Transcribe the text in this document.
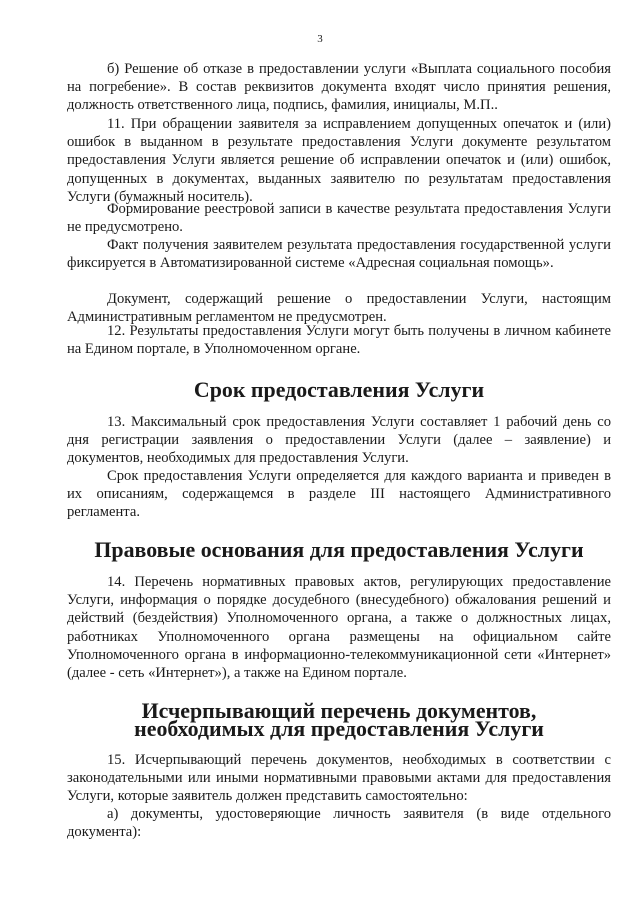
3

б) Решение об отказе в предоставлении услуги «Выплата социального пособия на погребение». В состав реквизитов документа входят число принятия решения, должность ответственного лица, подпись, фамилия, инициалы, М.П..

11. При обращении заявителя за исправлением допущенных опечаток и (или) ошибок в выданном в результате предоставления Услуги документе результатом предоставления Услуги является решение об исправлении опечаток и (или) ошибок, допущенных в документах, выданных заявителю по результатам предоставления Услуги (бумажный носитель).

Формирование реестровой записи в качестве результата предоставления Услуги не предусмотрено.

Факт получения заявителем результата предоставления государственной услуги фиксируется в Автоматизированной системе «Адресная социальная помощь».

Документ, содержащий решение о предоставлении Услуги, настоящим Административным регламентом не предусмотрен.

12. Результаты предоставления Услуги могут быть получены в личном кабинете на Едином портале, в Уполномоченном органе.

Срок предоставления Услуги

13. Максимальный срок предоставления Услуги составляет 1 рабочий день со дня регистрации заявления о предоставлении Услуги (далее – заявление) и документов, необходимых для предоставления Услуги.

Срок предоставления Услуги определяется для каждого варианта и приведен в их описаниям, содержащемся в разделе III настоящего Административного регламента.

Правовые основания для предоставления Услуги

14. Перечень нормативных правовых актов, регулирующих предоставление Услуги, информация о порядке досудебного (внесудебного) обжалования решений и действий (бездействия) Уполномоченного органа, а также о должностных лицах, работниках Уполномоченного органа размещены на официальном сайте Уполномоченного органа в информационно-телекоммуникационной сети «Интернет» (далее - сеть «Интернет»), а также на Едином портале.

Исчерпывающий перечень документов, необходимых для предоставления Услуги

15. Исчерпывающий перечень документов, необходимых в соответствии с законодательными или иными нормативными правовыми актами для предоставления Услуги, которые заявитель должен представить самостоятельно:

а) документы, удостоверяющие личность заявителя (в виде отдельного документа):
